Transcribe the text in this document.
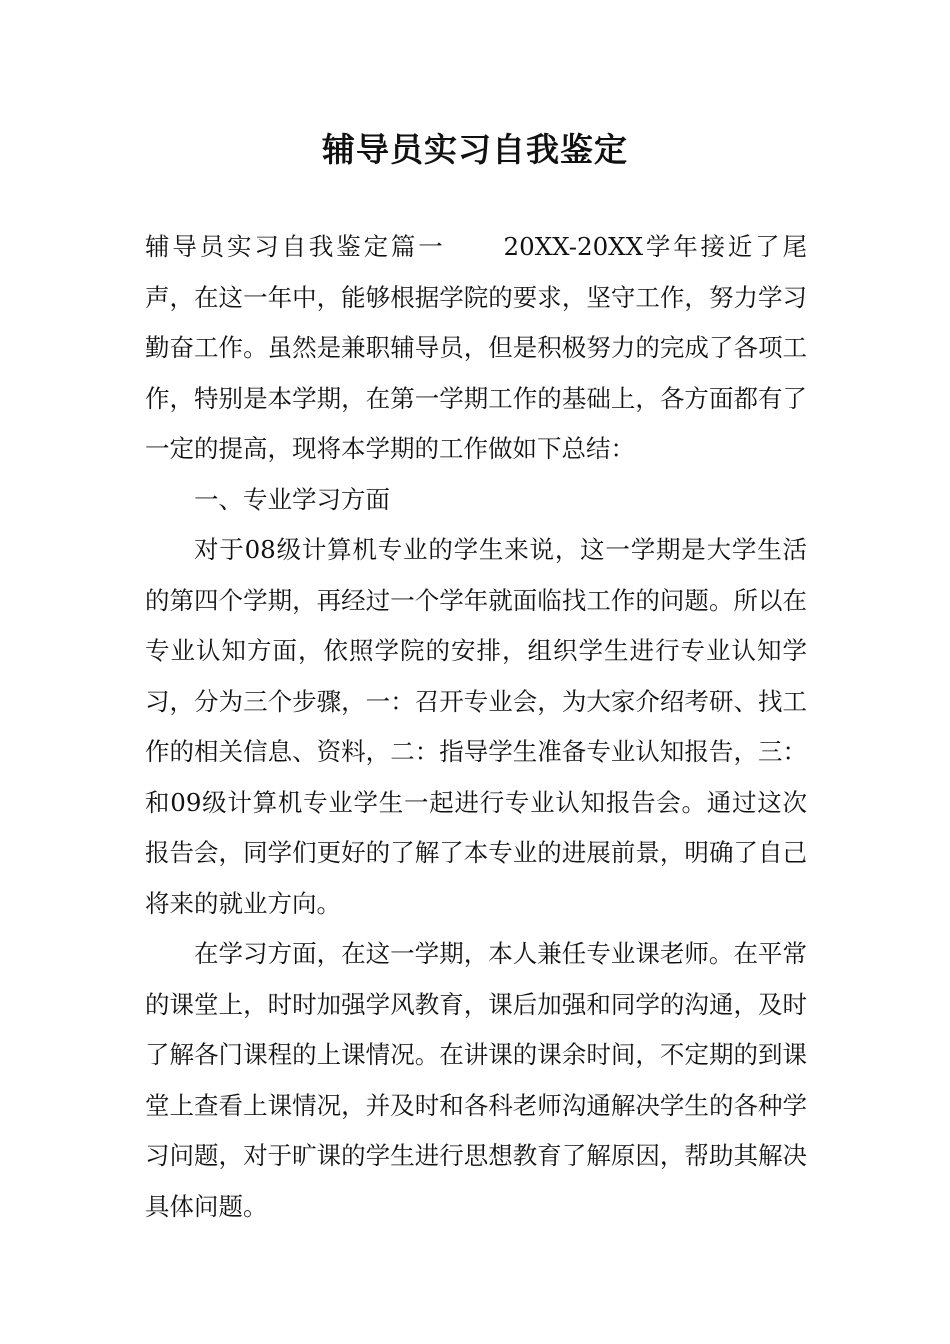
辅导员实习自我鉴定

辅导员实习自我鉴定篇一 20XX-20XX学年接近了尾声，在这一年中，能够根据学院的要求，坚守工作，努力学习勤奋工作。虽然是兼职辅导员，但是积极努力的完成了各项工作，特别是本学期，在第一学期工作的基础上，各方面都有了一定的提高，现将本学期的工作做如下总结：

一、专业学习方面

对于08级计算机专业的学生来说，这一学期是大学生活的第四个学期，再经过一个学年就面临找工作的问题。所以在专业认知方面，依照学院的安排，组织学生进行专业认知学习，分为三个步骤，一：召开专业会，为大家介绍考研、找工作的相关信息、资料，二：指导学生准备专业认知报告，三：和09级计算机专业学生一起进行专业认知报告会。通过这次报告会，同学们更好的了解了本专业的进展前景，明确了自己将来的就业方向。

在学习方面，在这一学期，本人兼任专业课老师。在平常的课堂上，时时加强学风教育，课后加强和同学的沟通，及时了解各门课程的上课情况。在讲课的课余时间，不定期的到课堂上查看上课情况，并及时和各科老师沟通解决学生的各种学习问题，对于旷课的学生进行思想教育了解原因，帮助其解决具体问题。
